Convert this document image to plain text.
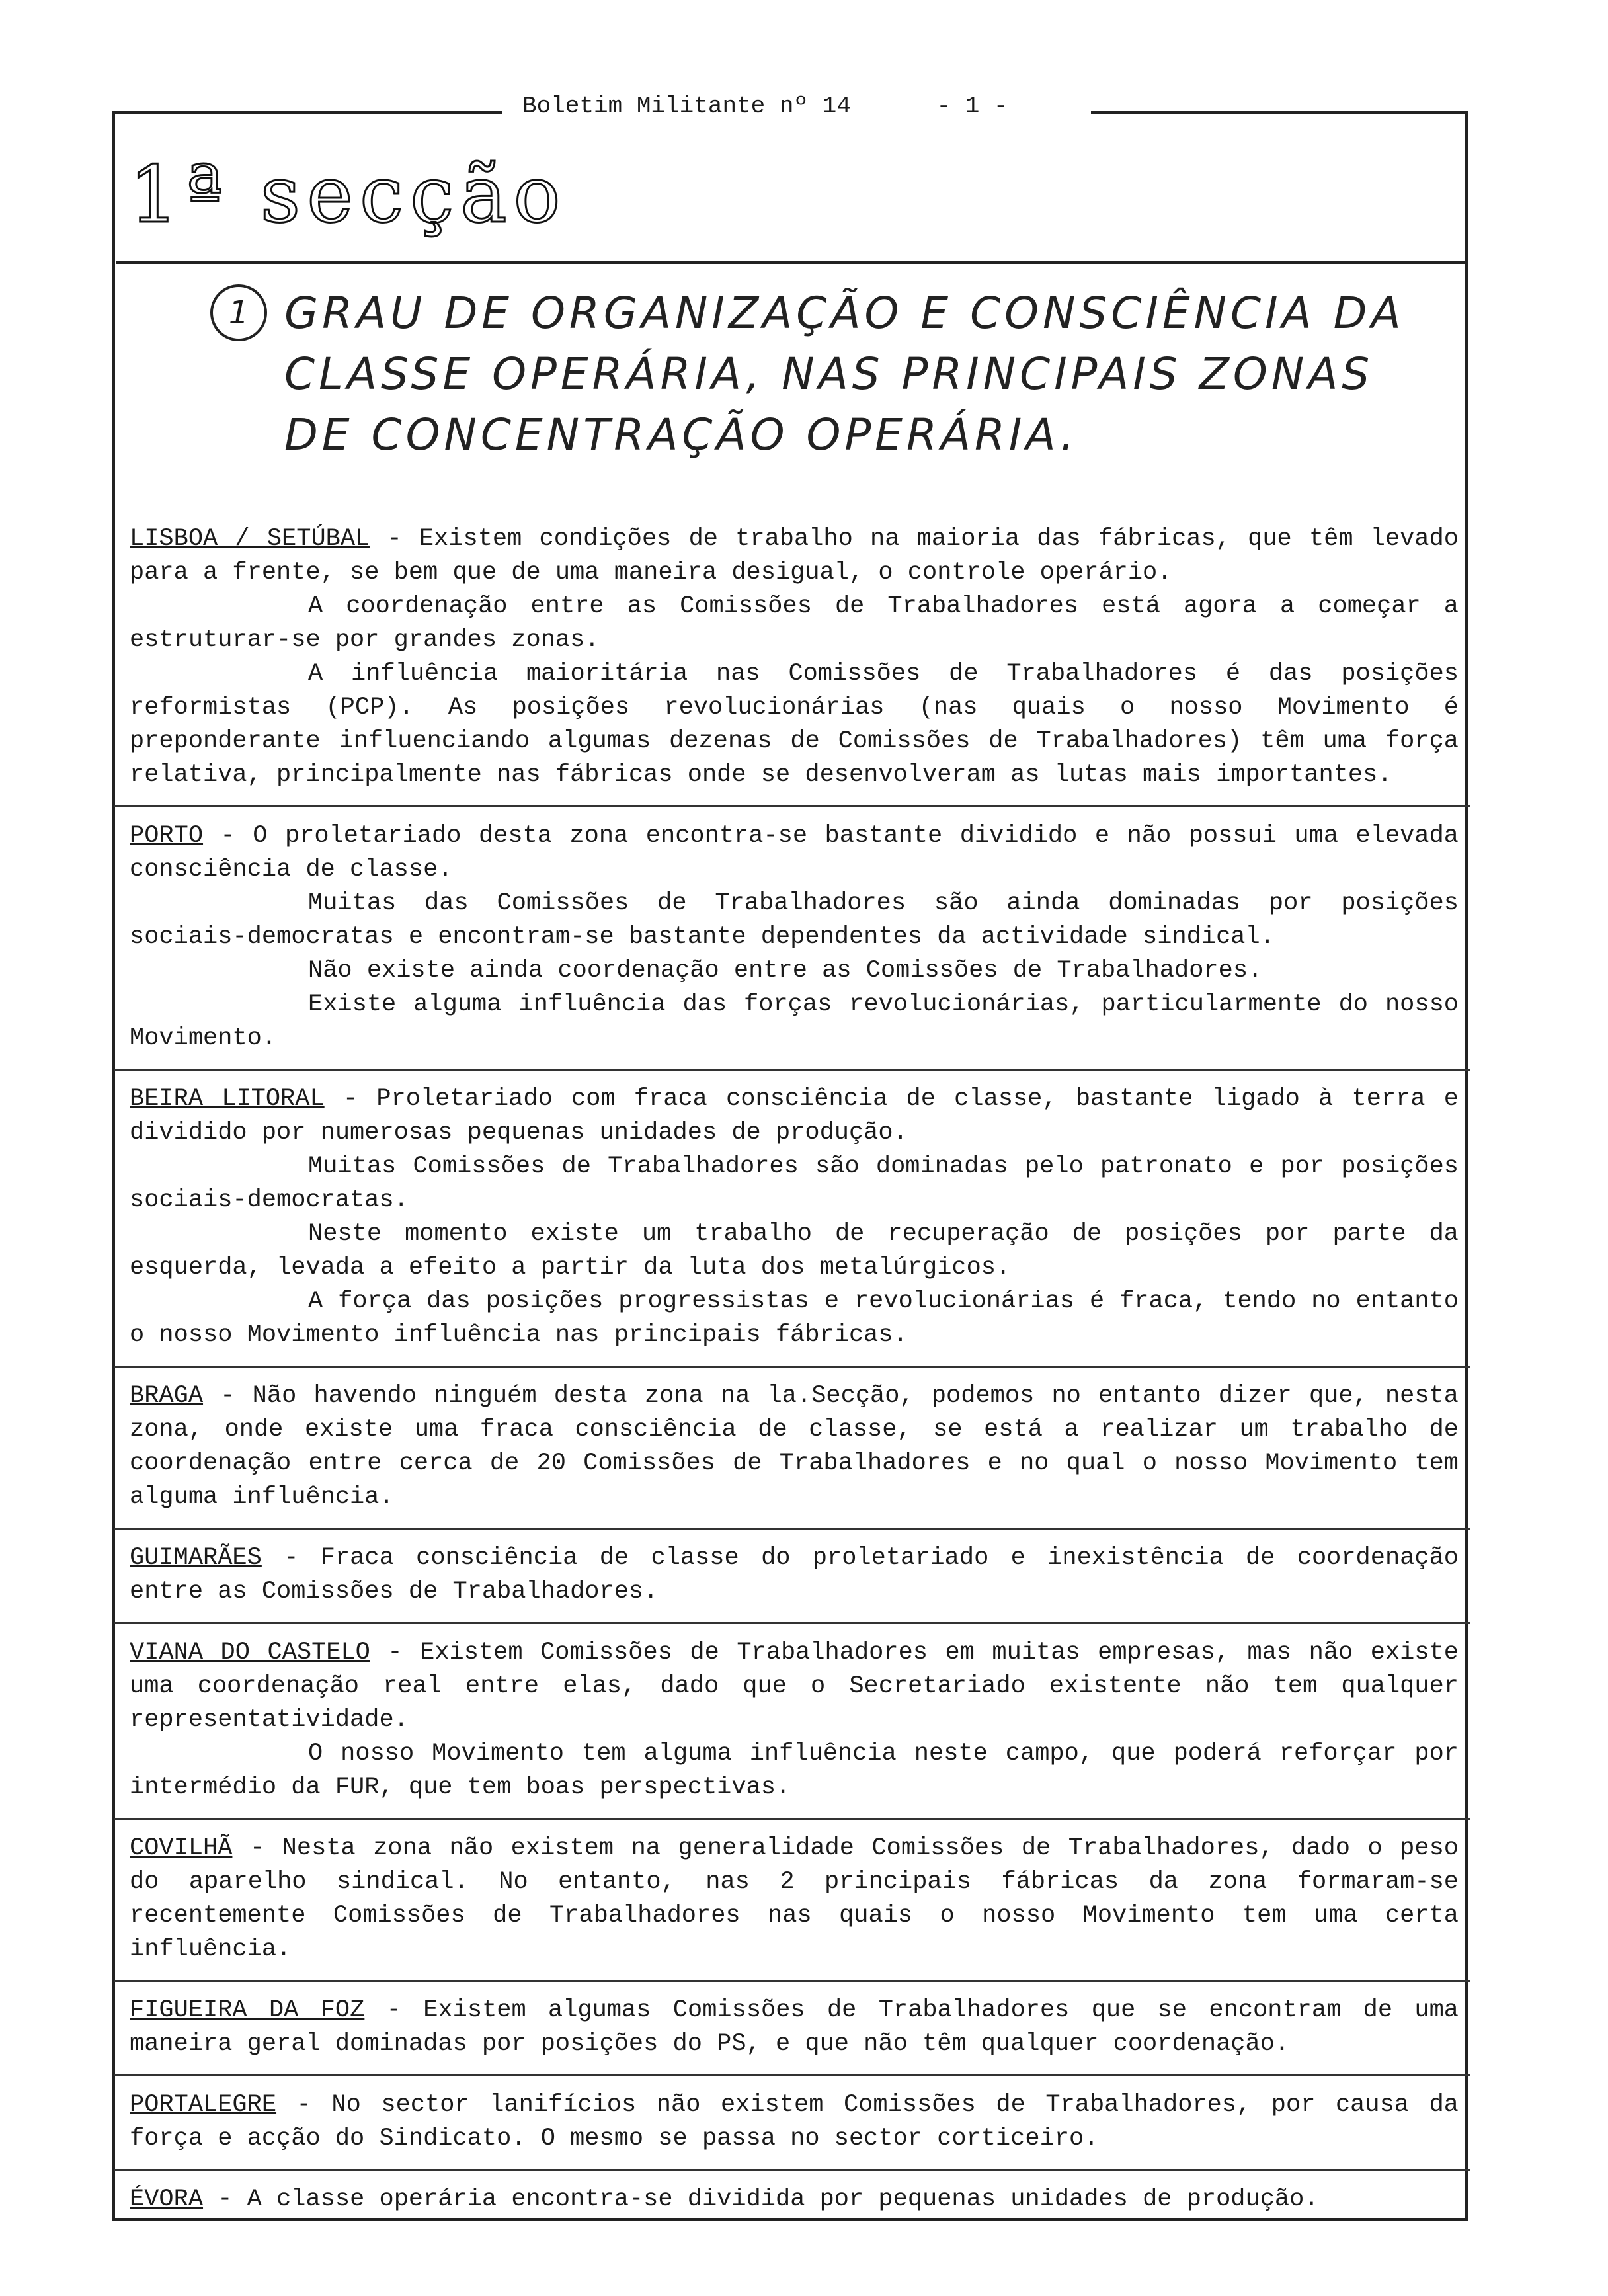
Boletim Militante nº 14	- 1 -
1ª secção
1 GRAU DE ORGANIZAÇÃO E CONSCIÊNCIA DA CLASSE OPERÁRIA, NAS PRINCIPAIS ZONAS DE CONCENTRAÇÃO OPERÁRIA.

LISBOA / SETÚBAL - Existem condições de trabalho na maioria das fábricas, que têm levado para a frente, se bem que de uma maneira desigual, o controle operário.

A coordenação entre as Comissões de Trabalhadores está agora a começar a estruturar-se por grandes zonas.

A influência maioritária nas Comissões de Trabalhadores é das posições reformistas (PCP). As posições revolucionárias (nas quais o nosso Movimento é preponderante influenciando algumas dezenas de Comissões de Trabalhadores) têm uma força relativa, principalmente nas fábricas onde se desenvolveram as lutas mais importantes.

PORTO - O proletariado desta zona encontra-se bastante dividido e não possui uma elevada consciência de classe.

Muitas das Comissões de Trabalhadores são ainda dominadas por posições sociais-democratas e encontram-se bastante dependentes da actividade sindical.

Não existe ainda coordenação entre as Comissões de Trabalhadores.

Existe alguma influência das forças revolucionárias, particularmente do nosso Movimento.

BEIRA LITORAL - Proletariado com fraca consciência de classe, bastante ligado à terra e dividido por numerosas pequenas unidades de produção.

Muitas Comissões de Trabalhadores são dominadas pelo patronato e por posições sociais-democratas.

Neste momento existe um trabalho de recuperação de posições por parte da esquerda, levada a efeito a partir da luta dos metalúrgicos.

A força das posições progressistas e revolucionárias é fraca, tendo no entanto o nosso Movimento influência nas principais fábricas.

BRAGA - Não havendo ninguém desta zona na la.Secção, podemos no entanto dizer que, nesta zona, onde existe uma fraca consciência de classe, se está a realizar um trabalho de coordenação entre cerca de 20 Comissões de Trabalhadores e no qual o nosso Movimento tem alguma influência.

GUIMARÃES - Fraca consciência de classe do proletariado e inexistência de coordenação entre as Comissões de Trabalhadores.

VIANA DO CASTELO - Existem Comissões de Trabalhadores em muitas empresas, mas não existe uma coordenação real entre elas, dado que o Secretariado existente não tem qualquer representatividade.

O nosso Movimento tem alguma influência neste campo, que poderá reforçar por intermédio da FUR, que tem boas perspectivas.

COVILHÃ - Nesta zona não existem na generalidade Comissões de Trabalhadores, dado o peso do aparelho sindical. No entanto, nas 2 principais fábricas da zona formaram-se recentemente Comissões de Trabalhadores nas quais o nosso Movimento tem uma certa influência.

FIGUEIRA DA FOZ - Existem algumas Comissões de Trabalhadores que se encontram de uma maneira geral dominadas por posições do PS, e que não têm qualquer coordenação.

PORTALEGRE - No sector lanifícios não existem Comissões de Trabalhadores, por causa da força e acção do Sindicato. O mesmo se passa no sector corticeiro.

ÉVORA - A classe operária encontra-se dividida por pequenas unidades de produção.
